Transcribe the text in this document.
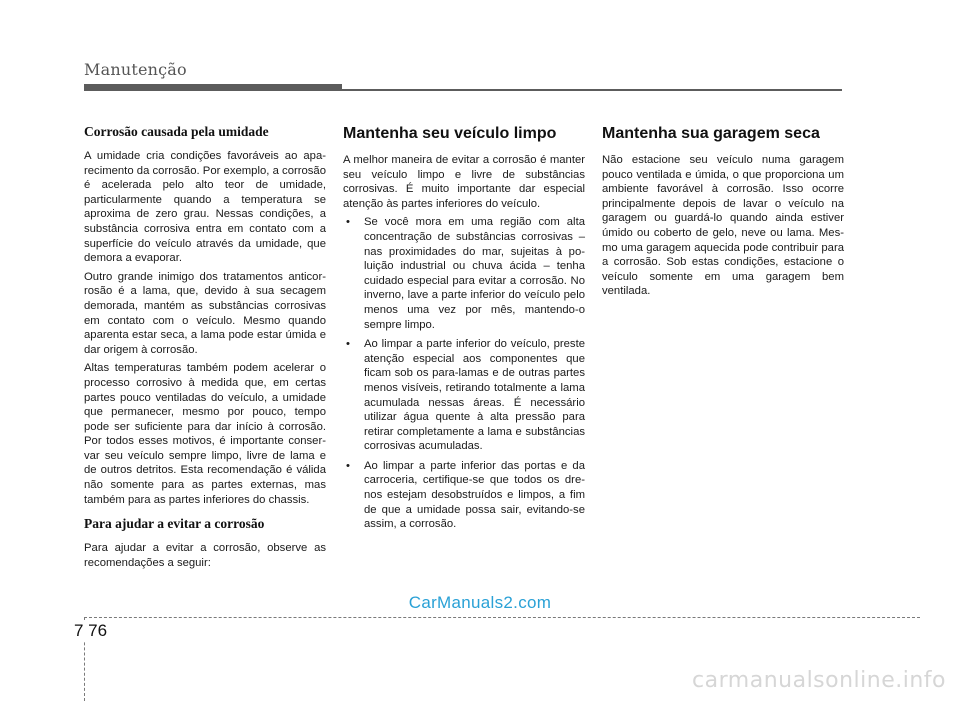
Manutenção
Corrosão causada pela umidade

A umidade cria condições favoráveis ao aparecimento da corrosão. Por exemplo, a corrosão é acelerada pelo alto teor de umidade, particularmente quando a temperatura se aproxima de zero grau. Nessas condições, a substância corrosiva entra em contato com a superfície do veículo através da umidade, que demora a evaporar.

Outro grande inimigo dos tratamentos anticorrosão é a lama, que, devido à sua secagem demorada, mantém as substâncias corrosivas em contato com o veículo. Mesmo quando aparenta estar seca, a lama pode estar úmida e dar origem à corrosão.

Altas temperaturas também podem acelerar o processo corrosivo à medida que, em certas partes pouco ventiladas do veículo, a umidade que permanecer, mesmo por pouco, tempo pode ser suficiente para dar início à corrosão. Por todos esses motivos, é importante conservar seu veículo sempre limpo, livre de lama e de outros detritos. Esta recomendação é válida não somente para as partes externas, mas também para as partes inferiores do chassis.

Para ajudar a evitar a corrosão

Para ajudar a evitar a corrosão, observe as recomendações a seguir:

Mantenha seu veículo limpo

A melhor maneira de evitar a corrosão é manter seu veículo limpo e livre de substâncias corrosivas. É muito importante dar especial atenção às partes inferiores do veículo.

• Se você mora em uma região com alta concentração de substâncias corrosivas – nas proximidades do mar, sujeitas à poluição industrial ou chuva ácida – tenha cuidado especial para evitar a corrosão. No inverno, lave a parte inferior do veículo pelo menos uma vez por mês, mantendo-o sempre limpo.
• Ao limpar a parte inferior do veículo, preste atenção especial aos componentes que ficam sob os para-lamas e de outras partes menos visíveis, retirando totalmente a lama acumulada nessas áreas. É necessário utilizar água quente à alta pressão para retirar completamente a lama e substâncias corrosivas acumuladas.
• Ao limpar a parte inferior das portas e da carroceria, certifique-se que todos os drenos estejam desobstruídos e limpos, a fim de que a umidade possa sair, evitando-se assim, a corrosão.
Mantenha sua garagem seca

Não estacione seu veículo numa garagem pouco ventilada e úmida, o que proporciona um ambiente favorável à corrosão. Isso ocorre principalmente depois de lavar o veículo na garagem ou guardá-lo quando ainda estiver úmido ou coberto de gelo, neve ou lama. Mesmo uma garagem aquecida pode contribuir para a corrosão. Sob estas condições, estacione o veículo somente em uma garagem bem ventilada.

CarManuals2.com
7 76
carmanualsonline.info
